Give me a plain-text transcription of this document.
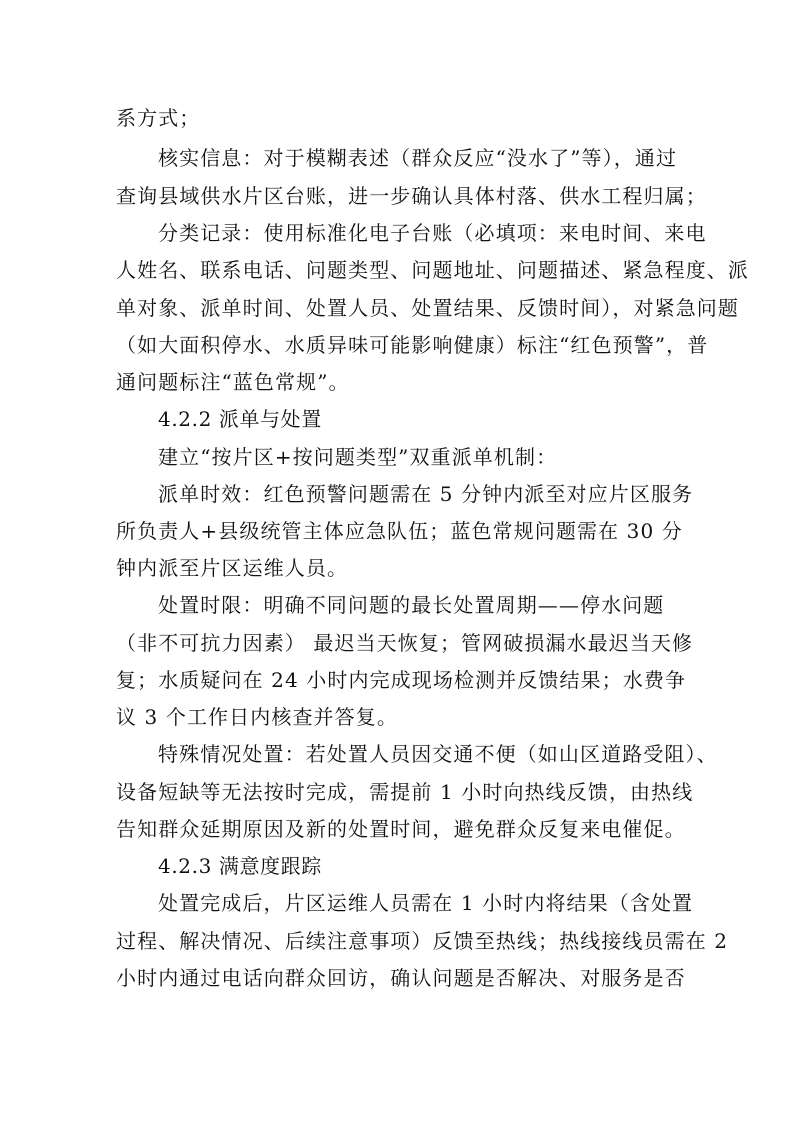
系方式；
核实信息：对于模糊表述（群众反应“没水了”等），通过
查询县域供水片区台账，进一步确认具体村落、供水工程归属；
分类记录：使用标准化电子台账（必填项：来电时间、来电
人姓名、联系电话、问题类型、问题地址、问题描述、紧急程度、派
单对象、派单时间、处置人员、处置结果、反馈时间），对紧急问题
（如大面积停水、水质异味可能影响健康）标注“红色预警”，普
通问题标注“蓝色常规”。
4.2.2 派单与处置
建立“按片区+按问题类型”双重派单机制：
派单时效：红色预警问题需在 5 分钟内派至对应片区服务
所负责人+县级统管主体应急队伍；蓝色常规问题需在 30 分
钟内派至片区运维人员。
处置时限：明确不同问题的最长处置周期——停水问题
（非不可抗力因素） 最迟当天恢复；管网破损漏水最迟当天修
复；水质疑问在 24 小时内完成现场检测并反馈结果；水费争
议 3 个工作日内核查并答复。
特殊情况处置：若处置人员因交通不便（如山区道路受阻）、
设备短缺等无法按时完成，需提前 1 小时向热线反馈，由热线
告知群众延期原因及新的处置时间，避免群众反复来电催促。
4.2.3 满意度跟踪
处置完成后，片区运维人员需在 1 小时内将结果（含处置
过程、解决情况、后续注意事项）反馈至热线；热线接线员需在 2
小时内通过电话向群众回访，确认问题是否解决、对服务是否
